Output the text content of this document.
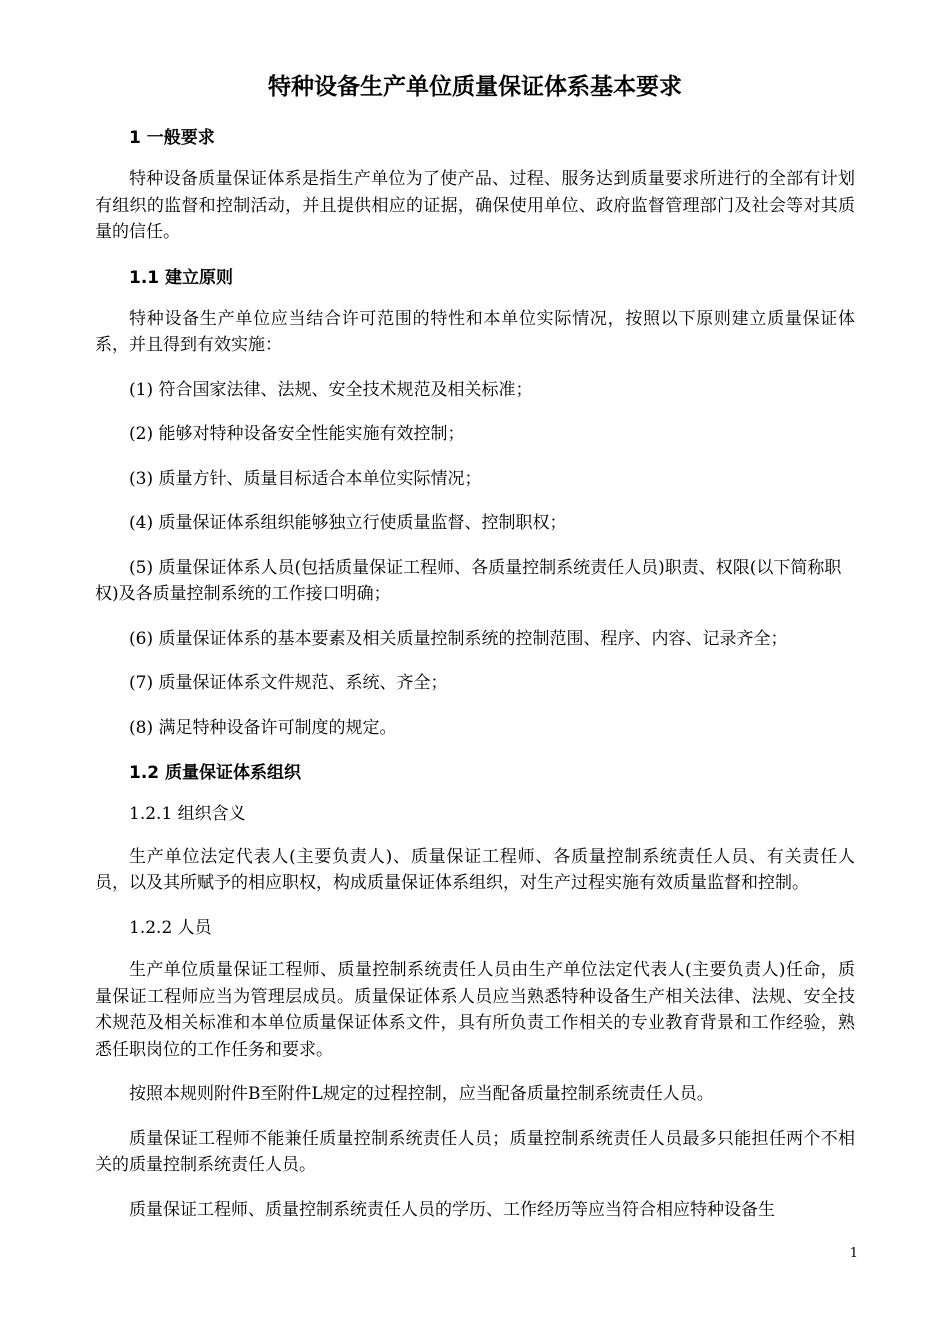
特种设备生产单位质量保证体系基本要求
1 一般要求
特种设备质量保证体系是指生产单位为了使产品、过程、服务达到质量要求所进行的全部有计划有组织的监督和控制活动，并且提供相应的证据，确保使用单位、政府监督管理部门及社会等对其质量的信任。
1.1 建立原则
特种设备生产单位应当结合许可范围的特性和本单位实际情况，按照以下原则建立质量保证体系，并且得到有效实施：
(1) 符合国家法律、法规、安全技术规范及相关标准；
(2) 能够对特种设备安全性能实施有效控制；
(3) 质量方针、质量目标适合本单位实际情况；
(4) 质量保证体系组织能够独立行使质量监督、控制职权；
(5) 质量保证体系人员(包括质量保证工程师、各质量控制系统责任人员)职责、权限(以下简称职权)及各质量控制系统的工作接口明确；
(6) 质量保证体系的基本要素及相关质量控制系统的控制范围、程序、内容、记录齐全；
(7) 质量保证体系文件规范、系统、齐全；
(8) 满足特种设备许可制度的规定。
1.2 质量保证体系组织
1.2.1 组织含义
生产单位法定代表人(主要负责人)、质量保证工程师、各质量控制系统责任人员、有关责任人员，以及其所赋予的相应职权，构成质量保证体系组织，对生产过程实施有效质量监督和控制。
1.2.2 人员
生产单位质量保证工程师、质量控制系统责任人员由生产单位法定代表人(主要负责人)任命，质量保证工程师应当为管理层成员。质量保证体系人员应当熟悉特种设备生产相关法律、法规、安全技术规范及相关标准和本单位质量保证体系文件，具有所负责工作相关的专业教育背景和工作经验，熟悉任职岗位的工作任务和要求。
按照本规则附件B至附件L规定的过程控制，应当配备质量控制系统责任人员。
质量保证工程师不能兼任质量控制系统责任人员；质量控制系统责任人员最多只能担任两个不相关的质量控制系统责任人员。
质量保证工程师、质量控制系统责任人员的学历、工作经历等应当符合相应特种设备生
1
